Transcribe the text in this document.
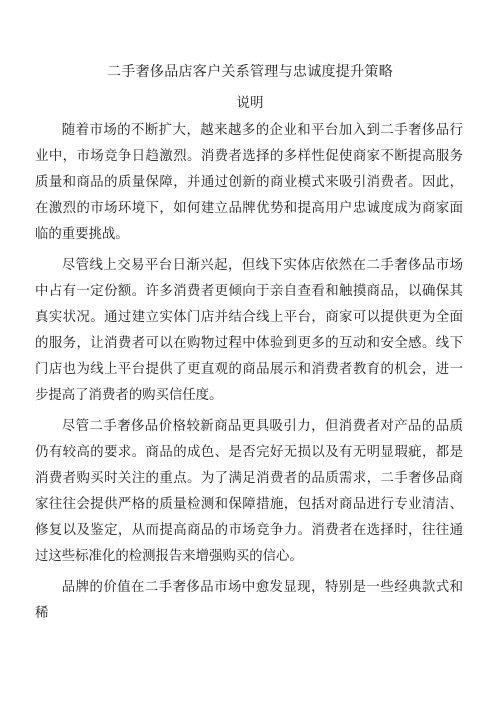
二手奢侈品店客户关系管理与忠诚度提升策略
说明

随着市场的不断扩大，越来越多的企业和平台加入到二手奢侈品行业中，市场竞争日趋激烈。消费者选择的多样性促使商家不断提高服务质量和商品的质量保障，并通过创新的商业模式来吸引消费者。因此，在激烈的市场环境下，如何建立品牌优势和提高用户忠诚度成为商家面临的重要挑战。

尽管线上交易平台日渐兴起，但线下实体店依然在二手奢侈品市场中占有一定份额。许多消费者更倾向于亲自查看和触摸商品，以确保其真实状况。通过建立实体门店并结合线上平台，商家可以提供更为全面的服务，让消费者可以在购物过程中体验到更多的互动和安全感。线下门店也为线上平台提供了更直观的商品展示和消费者教育的机会，进一步提高了消费者的购买信任度。

尽管二手奢侈品价格较新商品更具吸引力，但消费者对产品的品质仍有较高的要求。商品的成色、是否完好无损以及有无明显瑕疵，都是消费者购买时关注的重点。为了满足消费者的品质需求，二手奢侈品商家往往会提供严格的质量检测和保障措施，包括对商品进行专业清洁、修复以及鉴定，从而提高商品的市场竞争力。消费者在选择时，往往通过这些标准化的检测报告来增强购买的信心。

品牌的价值在二手奢侈品市场中愈发显现，特别是一些经典款式和稀
